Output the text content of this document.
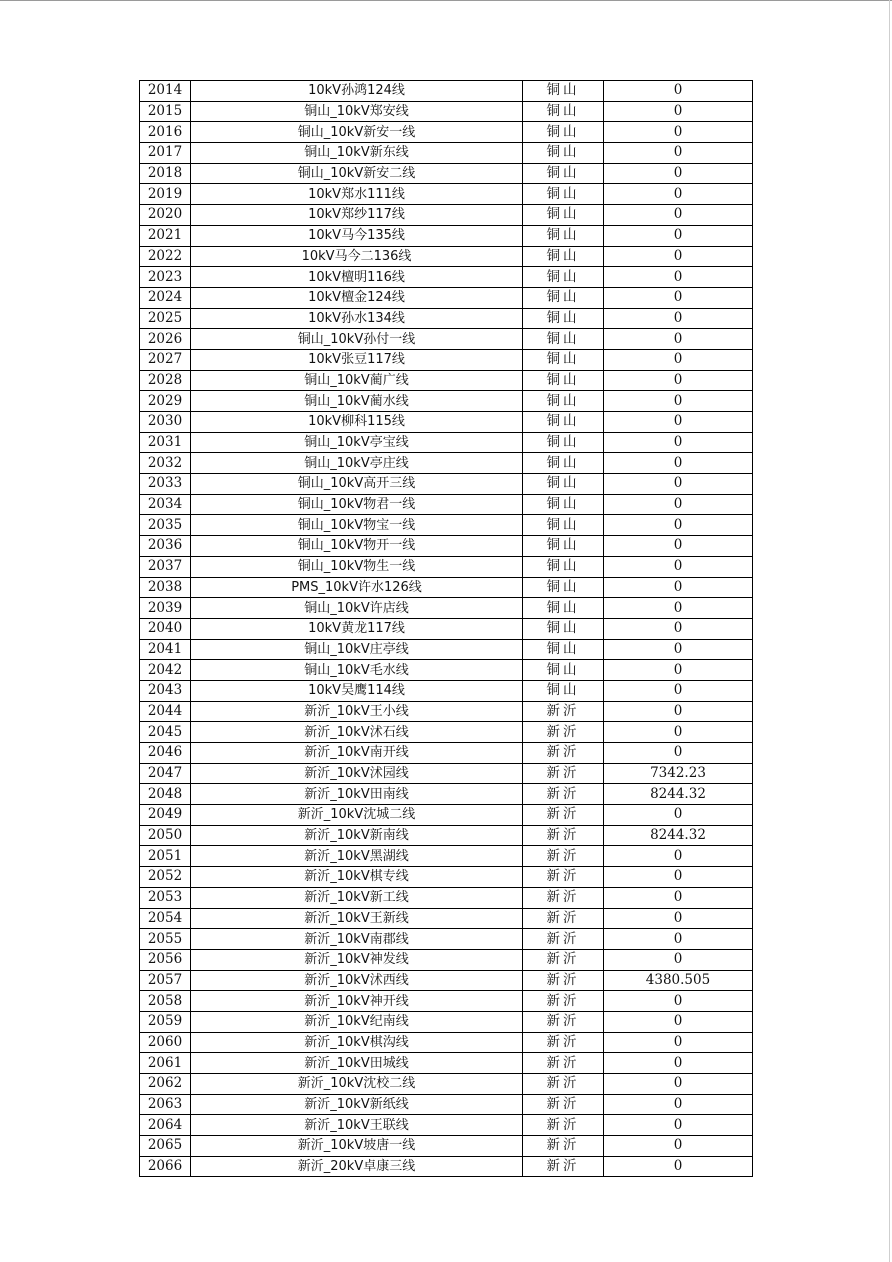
2014	10kV孙鸿124线	铜山	0
2015	铜山_10kV郑安线	铜山	0
2016	铜山_10kV新安一线	铜山	0
2017	铜山_10kV新东线	铜山	0
2018	铜山_10kV新安二线	铜山	0
2019	10kV郑水111线	铜山	0
2020	10kV郑纱117线	铜山	0
2021	10kV马今135线	铜山	0
2022	10kV马今二136线	铜山	0
2023	10kV檀明116线	铜山	0
2024	10kV檀金124线	铜山	0
2025	10kV孙水134线	铜山	0
2026	铜山_10kV孙付一线	铜山	0
2027	10kV张豆117线	铜山	0
2028	铜山_10kV蔺广线	铜山	0
2029	铜山_10kV蔺水线	铜山	0
2030	10kV柳科115线	铜山	0
2031	铜山_10kV亭宝线	铜山	0
2032	铜山_10kV亭庄线	铜山	0
2033	铜山_10kV高开三线	铜山	0
2034	铜山_10kV物君一线	铜山	0
2035	铜山_10kV物宝一线	铜山	0
2036	铜山_10kV物开一线	铜山	0
2037	铜山_10kV物生一线	铜山	0
2038	PMS_10kV许水126线	铜山	0
2039	铜山_10kV许店线	铜山	0
2040	10kV黄龙117线	铜山	0
2041	铜山_10kV庄亭线	铜山	0
2042	铜山_10kV毛水线	铜山	0
2043	10kV吴鹰114线	铜山	0
2044	新沂_10kV王小线	新沂	0
2045	新沂_10kV沭石线	新沂	0
2046	新沂_10kV南开线	新沂	0
2047	新沂_10kV沭园线	新沂	7342.23
2048	新沂_10kV田南线	新沂	8244.32
2049	新沂_10kV沈城二线	新沂	0
2050	新沂_10kV新南线	新沂	8244.32
2051	新沂_10kV黑湖线	新沂	0
2052	新沂_10kV棋专线	新沂	0
2053	新沂_10kV新工线	新沂	0
2054	新沂_10kV王新线	新沂	0
2055	新沂_10kV南郡线	新沂	0
2056	新沂_10kV神发线	新沂	0
2057	新沂_10kV沭西线	新沂	4380.505
2058	新沂_10kV神开线	新沂	0
2059	新沂_10kV纪南线	新沂	0
2060	新沂_10kV棋沟线	新沂	0
2061	新沂_10kV田城线	新沂	0
2062	新沂_10kV沈校二线	新沂	0
2063	新沂_10kV新纸线	新沂	0
2064	新沂_10kV王联线	新沂	0
2065	新沂_10kV坡唐一线	新沂	0
2066	新沂_20kV卓康三线	新沂	0
